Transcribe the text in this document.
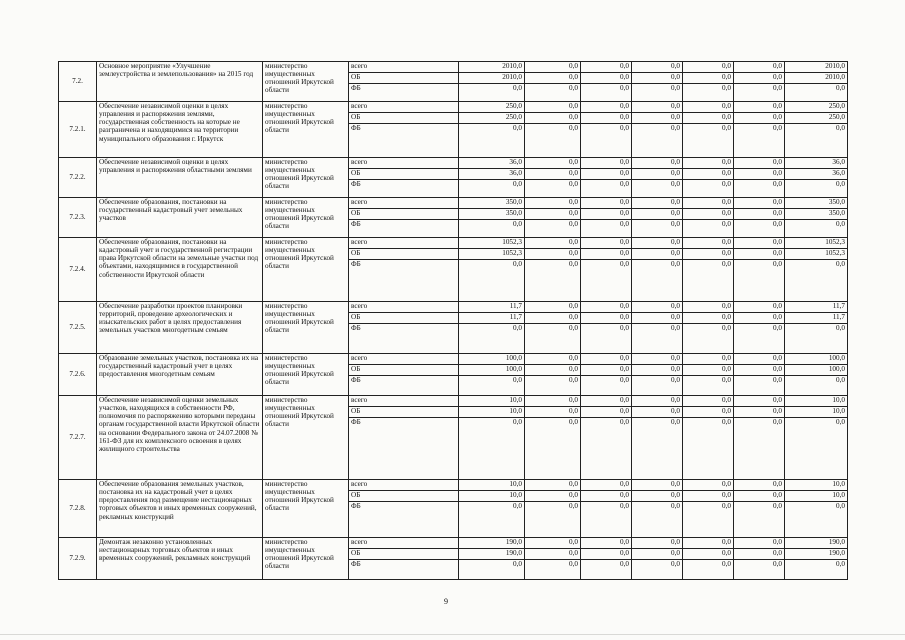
7.2.	Основное мероприятие «Улучшение землеустройства и землепользования» на 2015 год	министерство имущественных отношений Иркутской области	всего	2010,0	0,0	0,0	0,0	0,0	0,0	2010,0
			ОБ	2010,0	0,0	0,0	0,0	0,0	0,0	2010,0
			ФБ	0,0	0,0	0,0	0,0	0,0	0,0	0,0
7.2.1.	Обеспечение независимой оценки в целях управления и распоряжения землями, государственная собственность на которые не разграничена и находящимися на территории муниципального образования г. Иркутск	министерство имущественных отношений Иркутской области	всего	250,0	0,0	0,0	0,0	0,0	0,0	250,0
			ОБ	250,0	0,0	0,0	0,0	0,0	0,0	250,0
			ФБ	0,0	0,0	0,0	0,0	0,0	0,0	0,0
7.2.2.	Обеспечение независимой оценки в целях управления и распоряжения областными землями	министерство имущественных отношений Иркутской области	всего	36,0	0,0	0,0	0,0	0,0	0,0	36,0
			ОБ	36,0	0,0	0,0	0,0	0,0	0,0	36,0
			ФБ	0,0	0,0	0,0	0,0	0,0	0,0	0,0
7.2.3.	Обеспечение образования, постановки на государственный кадастровый учет земельных участков	министерство имущественных отношений Иркутской области	всего	350,0	0,0	0,0	0,0	0,0	0,0	350,0
			ОБ	350,0	0,0	0,0	0,0	0,0	0,0	350,0
			ФБ	0,0	0,0	0,0	0,0	0,0	0,0	0,0
7.2.4.	Обеспечение образования, постановки на кадастровый учет и государственной регистрации права Иркутской области на земельные участки под объектами, находящимися в государственной собственности Иркутской области	министерство имущественных отношений Иркутской области	всего	1052,3	0,0	0,0	0,0	0,0	0,0	1052,3
			ОБ	1052,3	0,0	0,0	0,0	0,0	0,0	1052,3
			ФБ	0,0	0,0	0,0	0,0	0,0	0,0	0,0
7.2.5.	Обеспечение разработки проектов планировки территорий, проведение археологических и изыскательских работ в целях предоставления земельных участков многодетным семьям	министерство имущественных отношений Иркутской области	всего	11,7	0,0	0,0	0,0	0,0	0,0	11,7
			ОБ	11,7	0,0	0,0	0,0	0,0	0,0	11,7
			ФБ	0,0	0,0	0,0	0,0	0,0	0,0	0,0
7.2.6.	Образование земельных участков, постановка их на государственный кадастровый учет в целях предоставления многодетным семьям	министерство имущественных отношений Иркутской области	всего	100,0	0,0	0,0	0,0	0,0	0,0	100,0
			ОБ	100,0	0,0	0,0	0,0	0,0	0,0	100,0
			ФБ	0,0	0,0	0,0	0,0	0,0	0,0	0,0
7.2.7.	Обеспечение независимой оценки земельных участков, находящихся в собственности РФ, полномочия по распоряжению которыми переданы органам государственной власти Иркутской области на основании Федерального закона от 24.07.2008 № 161-ФЗ для их комплексного освоения в целях жилищного строительства	министерство имущественных отношений Иркутской области	всего	10,0	0,0	0,0	0,0	0,0	0,0	10,0
			ОБ	10,0	0,0	0,0	0,0	0,0	0,0	10,0
			ФБ	0,0	0,0	0,0	0,0	0,0	0,0	0,0
7.2.8.	Обеспечение образования земельных участков, постановка их на кадастровый учет в целях предоставления под размещение нестационарных торговых объектов и иных временных сооружений, рекламных конструкций	министерство имущественных отношений Иркутской области	всего	10,0	0,0	0,0	0,0	0,0	0,0	10,0
			ОБ	10,0	0,0	0,0	0,0	0,0	0,0	10,0
			ФБ	0,0	0,0	0,0	0,0	0,0	0,0	0,0
7.2.9.	Демонтаж незаконно установленных нестационарных торговых объектов и иных временных сооружений, рекламных конструкций	министерство имущественных отношений Иркутской области	всего	190,0	0,0	0,0	0,0	0,0	0,0	190,0
			ОБ	190,0	0,0	0,0	0,0	0,0	0,0	190,0
			ФБ	0,0	0,0	0,0	0,0	0,0	0,0	0,0
9
